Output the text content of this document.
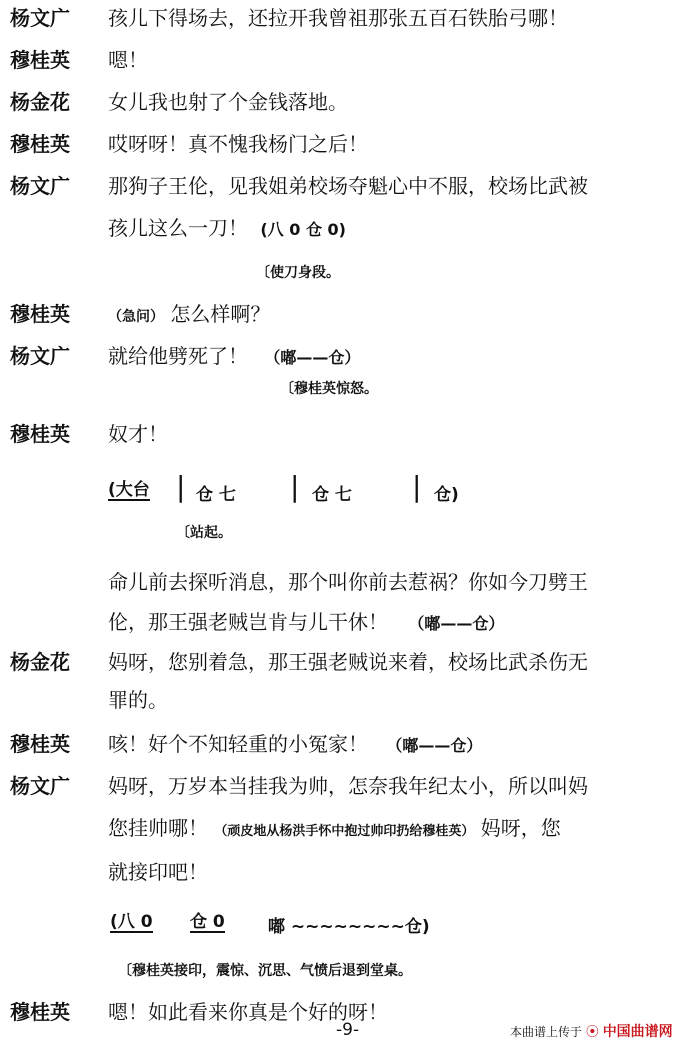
杨文广 孩儿下得场去，还拉开我曾祖那张五百石铁胎弓哪！
穆桂英 嗯！
杨金花 女儿我也射了个金钱落地。
穆桂英 哎呀呀！真不愧我杨门之后！
杨文广 那狗子王伦，见我姐弟校场夺魁心中不服，校场比武被
孩儿这么一刀！ (八 0 仓 0)
〔使刀身段。
穆桂英	（急问） 怎么样啊？
杨文广 就给他劈死了！ （嘟——仓）
〔穆桂英惊怒。
穆桂英 奴才！
(大台 | 仓 七 | 仓 七 | 仓)
〔站起。
命儿前去探听消息，那个叫你前去惹祸？你如今刀劈王
伦，那王强老贼岂肯与儿干休！ （嘟——仓）
杨金花 妈呀，您别着急，那王强老贼说来着，校场比武杀伤无
罪的。
穆桂英 咳！好个不知轻重的小冤家！ （嘟——仓）
杨文广 妈呀，万岁本当挂我为帅，怎奈我年纪太小，所以叫妈
您挂帅哪！ （顽皮地从杨洪手怀中抱过帅印扔给穆桂英） 妈呀，您
就接印吧！
(八 0 仓 0	嘟 ~~~~~~~~仓)
〔穆桂英接印，震惊、沉思、气愤后退到堂桌。
穆桂英 嗯！如此看来你真是个好的呀！
-9-	本曲谱上传于 ⦿ 中国曲谱网
